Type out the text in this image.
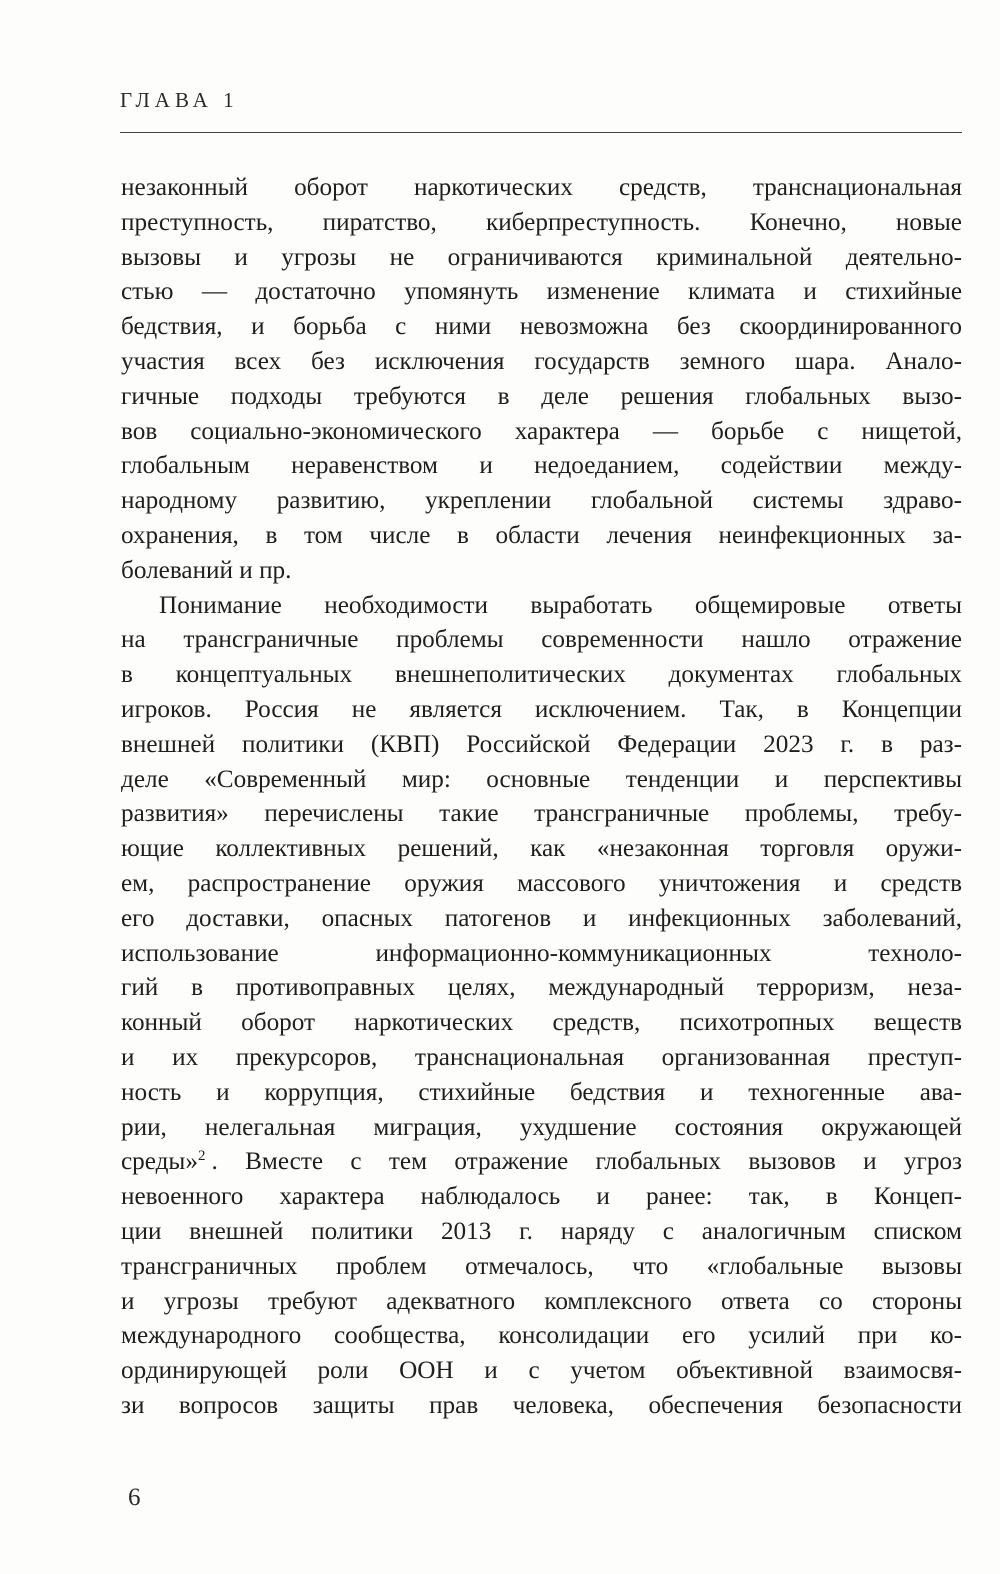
ГЛАВА 1
незаконный оборот наркотических средств, транснациональная
преступность, пиратство, киберпреступность. Конечно, новые
вызовы и угрозы не ограничиваются криминальной деятельно-
стью — достаточно упомянуть изменение климата и стихийные
бедствия, и борьба с ними невозможна без скоординированного
участия всех без исключения государств земного шара. Анало-
гичные подходы требуются в деле решения глобальных вызо-
вов социально-экономического характера — борьбе с нищетой,
глобальным неравенством и недоеданием, содействии между-
народному развитию, укреплении глобальной системы здраво-
охранения, в том числе в области лечения неинфекционных за-
болеваний и пр.
Понимание необходимости выработать общемировые ответы
на трансграничные проблемы современности нашло отражение
в концептуальных внешнеполитических документах глобальных
игроков. Россия не является исключением. Так, в Концепции
внешней политики (КВП) Российской Федерации 2023 г. в раз-
деле «Современный мир: основные тенденции и перспективы
развития» перечислены такие трансграничные проблемы, требу-
ющие коллективных решений, как «незаконная торговля оружи-
ем, распространение оружия массового уничтожения и средств
его доставки, опасных патогенов и инфекционных заболеваний,
использование информационно-коммуникационных техноло-
гий в противоправных целях, международный терроризм, неза-
конный оборот наркотических средств, психотропных веществ
и их прекурсоров, транснациональная организованная преступ-
ность и коррупция, стихийные бедствия и техногенные ава-
рии, нелегальная миграция, ухудшение состояния окружающей
среды»$^2$ . Вместе с тем отражение глобальных вызовов и угроз
невоенного характера наблюдалось и ранее: так, в Концеп-
ции внешней политики 2013 г. наряду с аналогичным списком
трансграничных проблем отмечалось, что «глобальные вызовы
и угрозы требуют адекватного комплексного ответа со стороны
международного сообщества, консолидации его усилий при ко-
ординирующей роли ООН и с учетом объективной взаимосвя-
зи вопросов защиты прав человека, обеспечения безопасности
6
